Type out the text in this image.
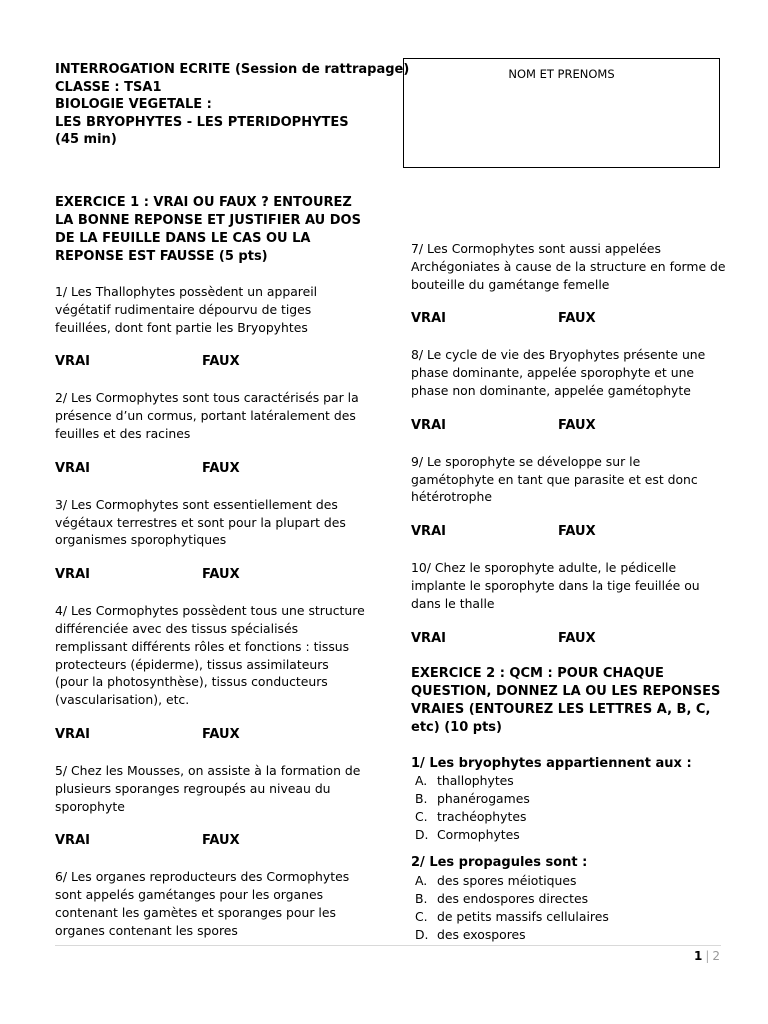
INTERROGATION ECRITE (Session de rattrapage)
CLASSE : TSA1
BIOLOGIE VEGETALE :
LES BRYOPHYTES - LES PTERIDOPHYTES
(45 min)
NOM ET PRENOMS

EXERCICE 1 : VRAI OU FAUX ? ENTOUREZ LA BONNE REPONSE ET JUSTIFIER AU DOS DE LA FEUILLE DANS LE CAS OU LA REPONSE EST FAUSSE (5 pts)

1/ Les Thallophytes possèdent un appareil végétatif rudimentaire dépourvu de tiges feuillées, dont font partie les Bryopyhtes

VRAI	FAUX

2/ Les Cormophytes sont tous caractérisés par la présence d’un cormus, portant latéralement des feuilles et des racines

VRAI	FAUX

3/ Les Cormophytes sont essentiellement des végétaux terrestres et sont pour la plupart des organismes sporophytiques

VRAI	FAUX

4/ Les Cormophytes possèdent tous une structure différenciée avec des tissus spécialisés remplissant différents rôles et fonctions : tissus protecteurs (épiderme), tissus assimilateurs (pour la photosynthèse), tissus conducteurs (vascularisation), etc.

VRAI	FAUX

5/ Chez les Mousses, on assiste à la formation de plusieurs sporanges regroupés au niveau du sporophyte

VRAI	FAUX

6/ Les organes reproducteurs des Cormophytes sont appelés gamétanges pour les organes contenant les gamètes et sporanges pour les organes contenant les spores

7/ Les Cormophytes sont aussi appelées Archégoniates à cause de la structure en forme de bouteille du gamétange femelle

VRAI	FAUX

8/ Le cycle de vie des Bryophytes présente une phase dominante, appelée sporophyte et une phase non dominante, appelée gamétophyte

VRAI	FAUX

9/ Le sporophyte se développe sur le gamétophyte en tant que parasite et est donc hétérotrophe

VRAI	FAUX

10/ Chez le sporophyte adulte, le pédicelle implante le sporophyte dans la tige feuillée ou dans le thalle

VRAI	FAUX

EXERCICE 2 : QCM : POUR CHAQUE QUESTION, DONNEZ LA OU LES REPONSES VRAIES (ENTOUREZ LES LETTRES A, B, C, etc) (10 pts)

1/ Les bryophytes appartiennent aux :

A. thallophytes
B. phanérogames
C. trachéophytes
D. Cormophytes

2/ Les propagules sont :

A. des spores méiotiques
B. des endospores directes
C. de petits massifs cellulaires
D. des exospores
1 | 2
